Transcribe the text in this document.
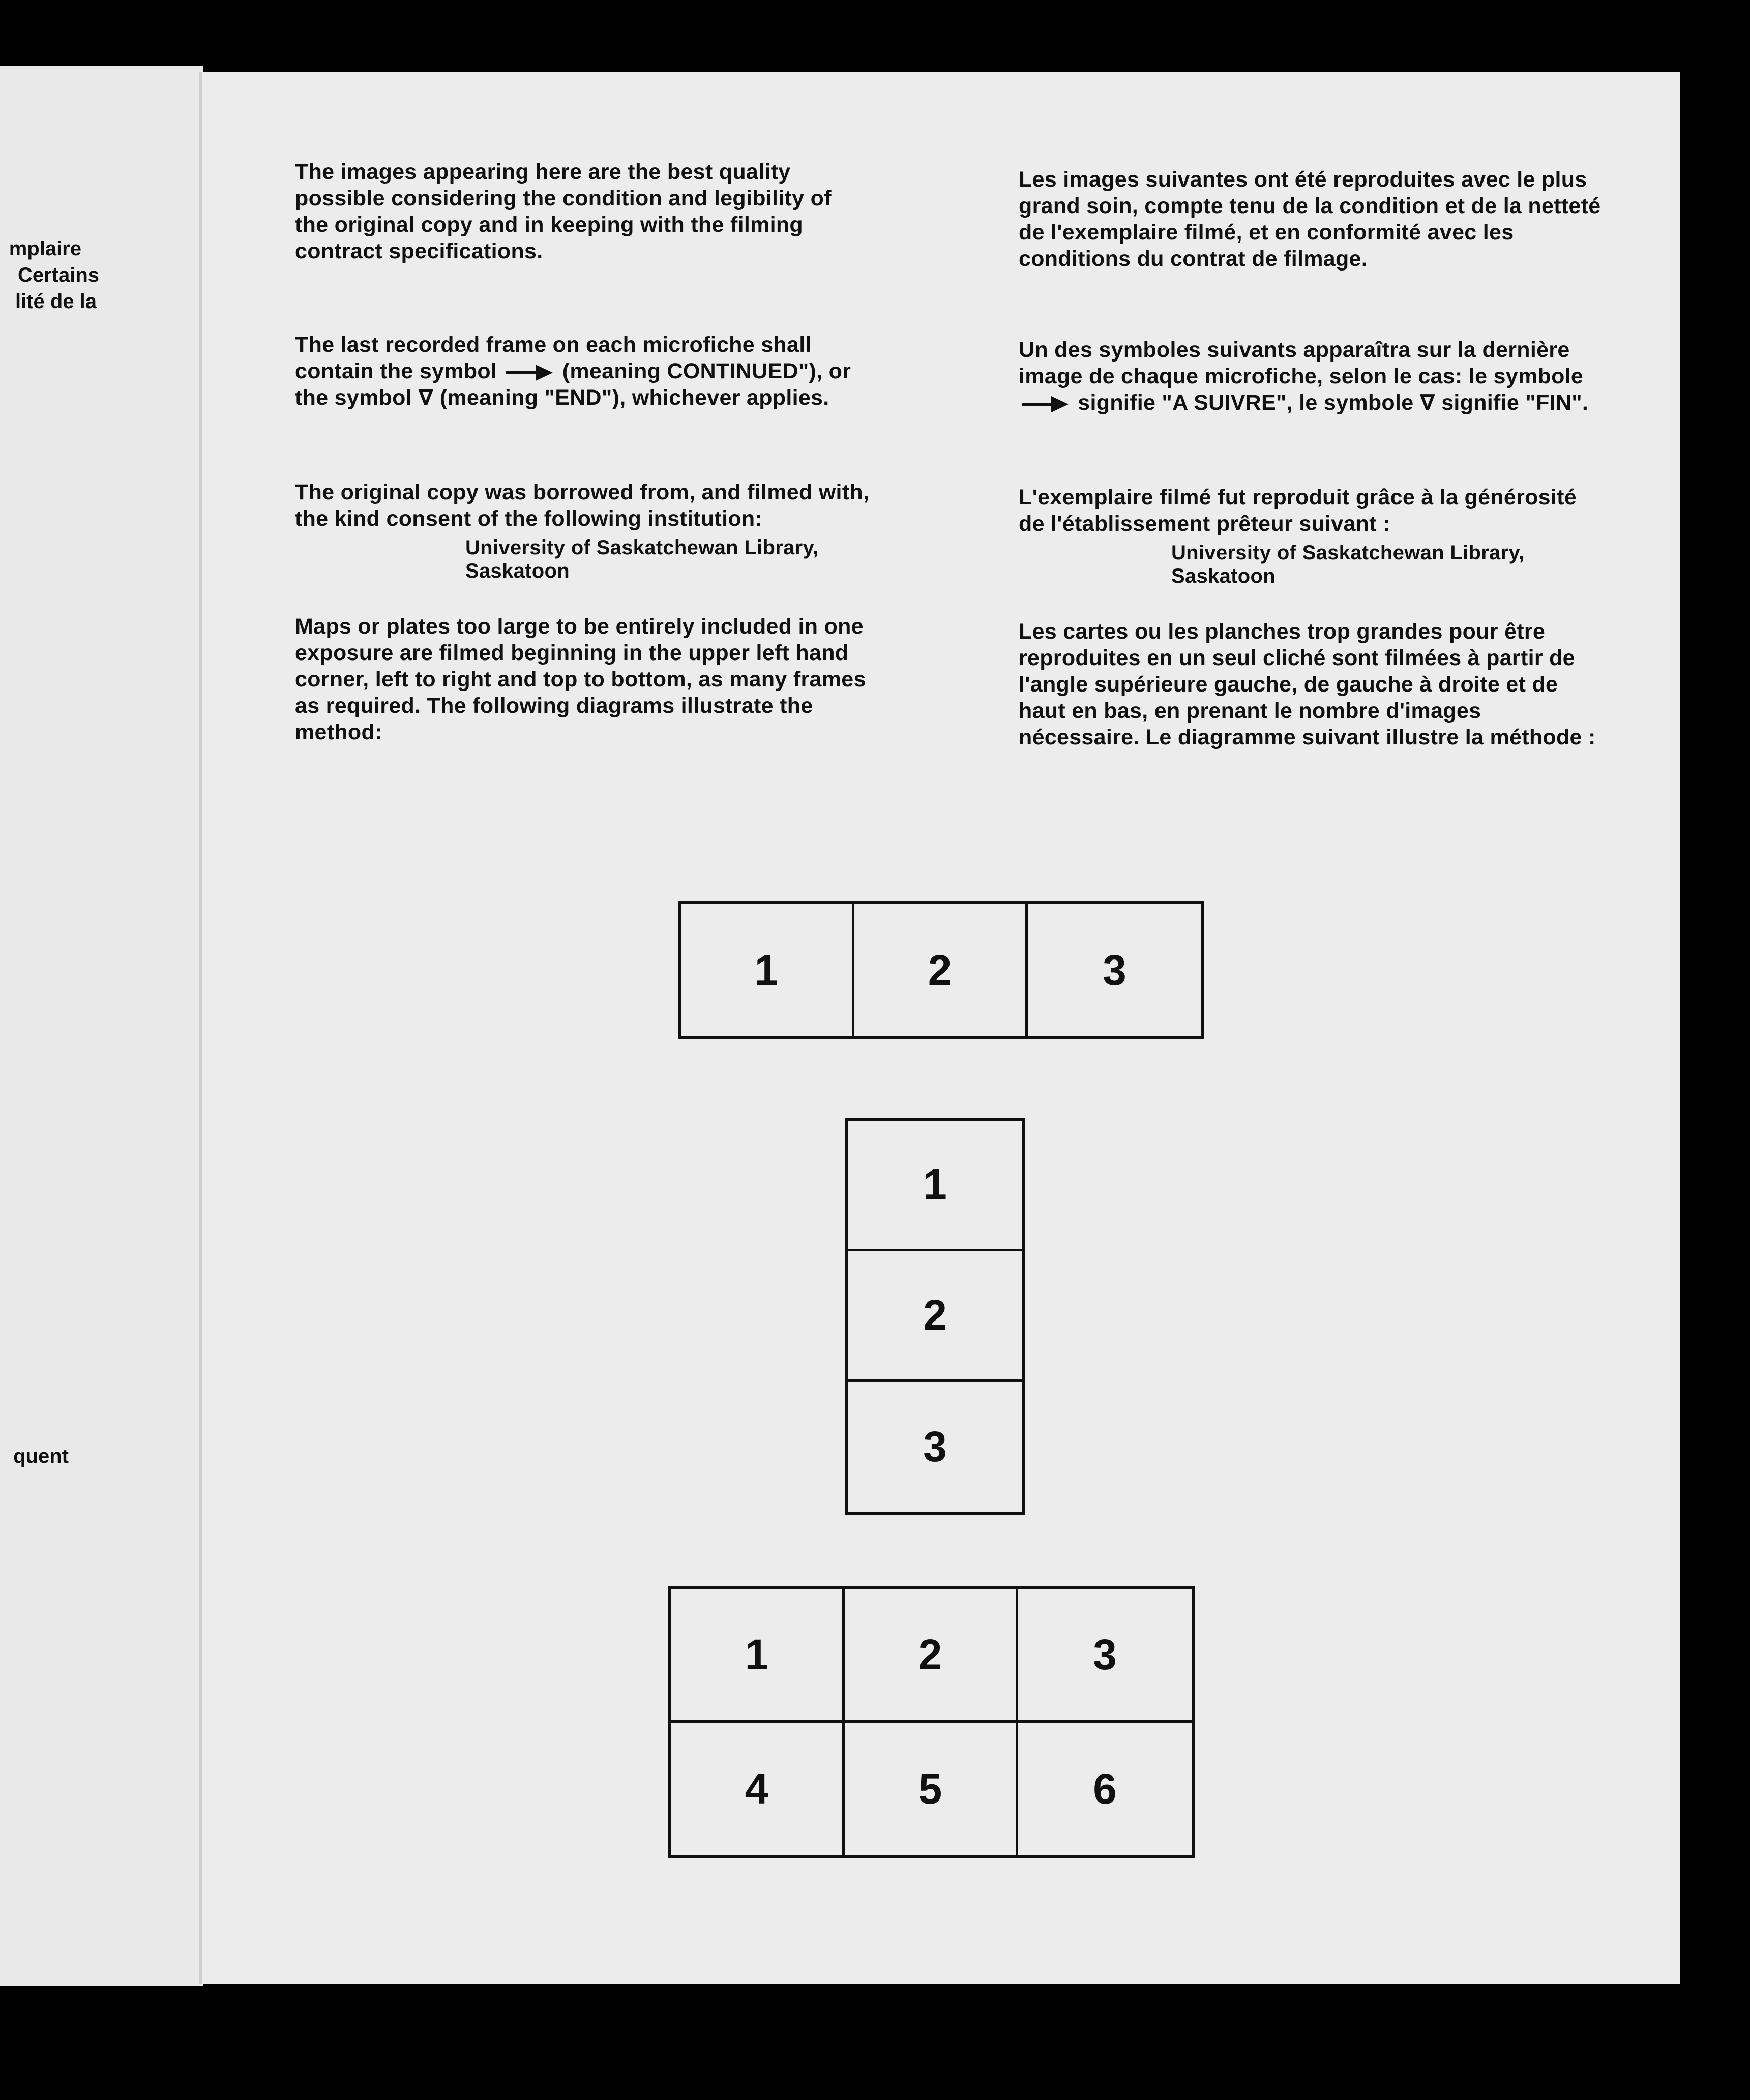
mplaire
Certains
lité de la
quent

The images appearing here are the best quality possible considering the condition and legibility of the original copy and in keeping with the filming contract specifications.

The last recorded frame on each microfiche shall contain the symbol	(meaning CONTINUED"), or the symbol ∇ (meaning "END"), whichever applies.

The original copy was borrowed from, and filmed with, the kind consent of the following institution:

University of Saskatchewan Library,

Saskatoon

Maps or plates too large to be entirely included in one exposure are filmed beginning in the upper left hand corner, left to right and top to bottom, as many frames as required. The following diagrams illustrate the method:

Les images suivantes ont été reproduites avec le plus grand soin, compte tenu de la condition et de la netteté de l'exemplaire filmé, et en conformité avec les conditions du contrat de filmage.

Un des symboles suivants apparaîtra sur la dernière image de chaque microfiche, selon le cas: le symbole  signifie "A SUIVRE", le symbole ∇ signifie "FIN".

L'exemplaire filmé fut reproduit grâce à la générosité de l'établissement prêteur suivant :

University of Saskatchewan Library,

Saskatoon

Les cartes ou les planches trop grandes pour être reproduites en un seul cliché sont filmées à partir de l'angle supérieure gauche, de gauche à droite et de haut en bas, en prenant le nombre d'images nécessaire. Le diagramme suivant illustre la méthode :

1	2	3
1
2
3
1	2	3
4	5	6
